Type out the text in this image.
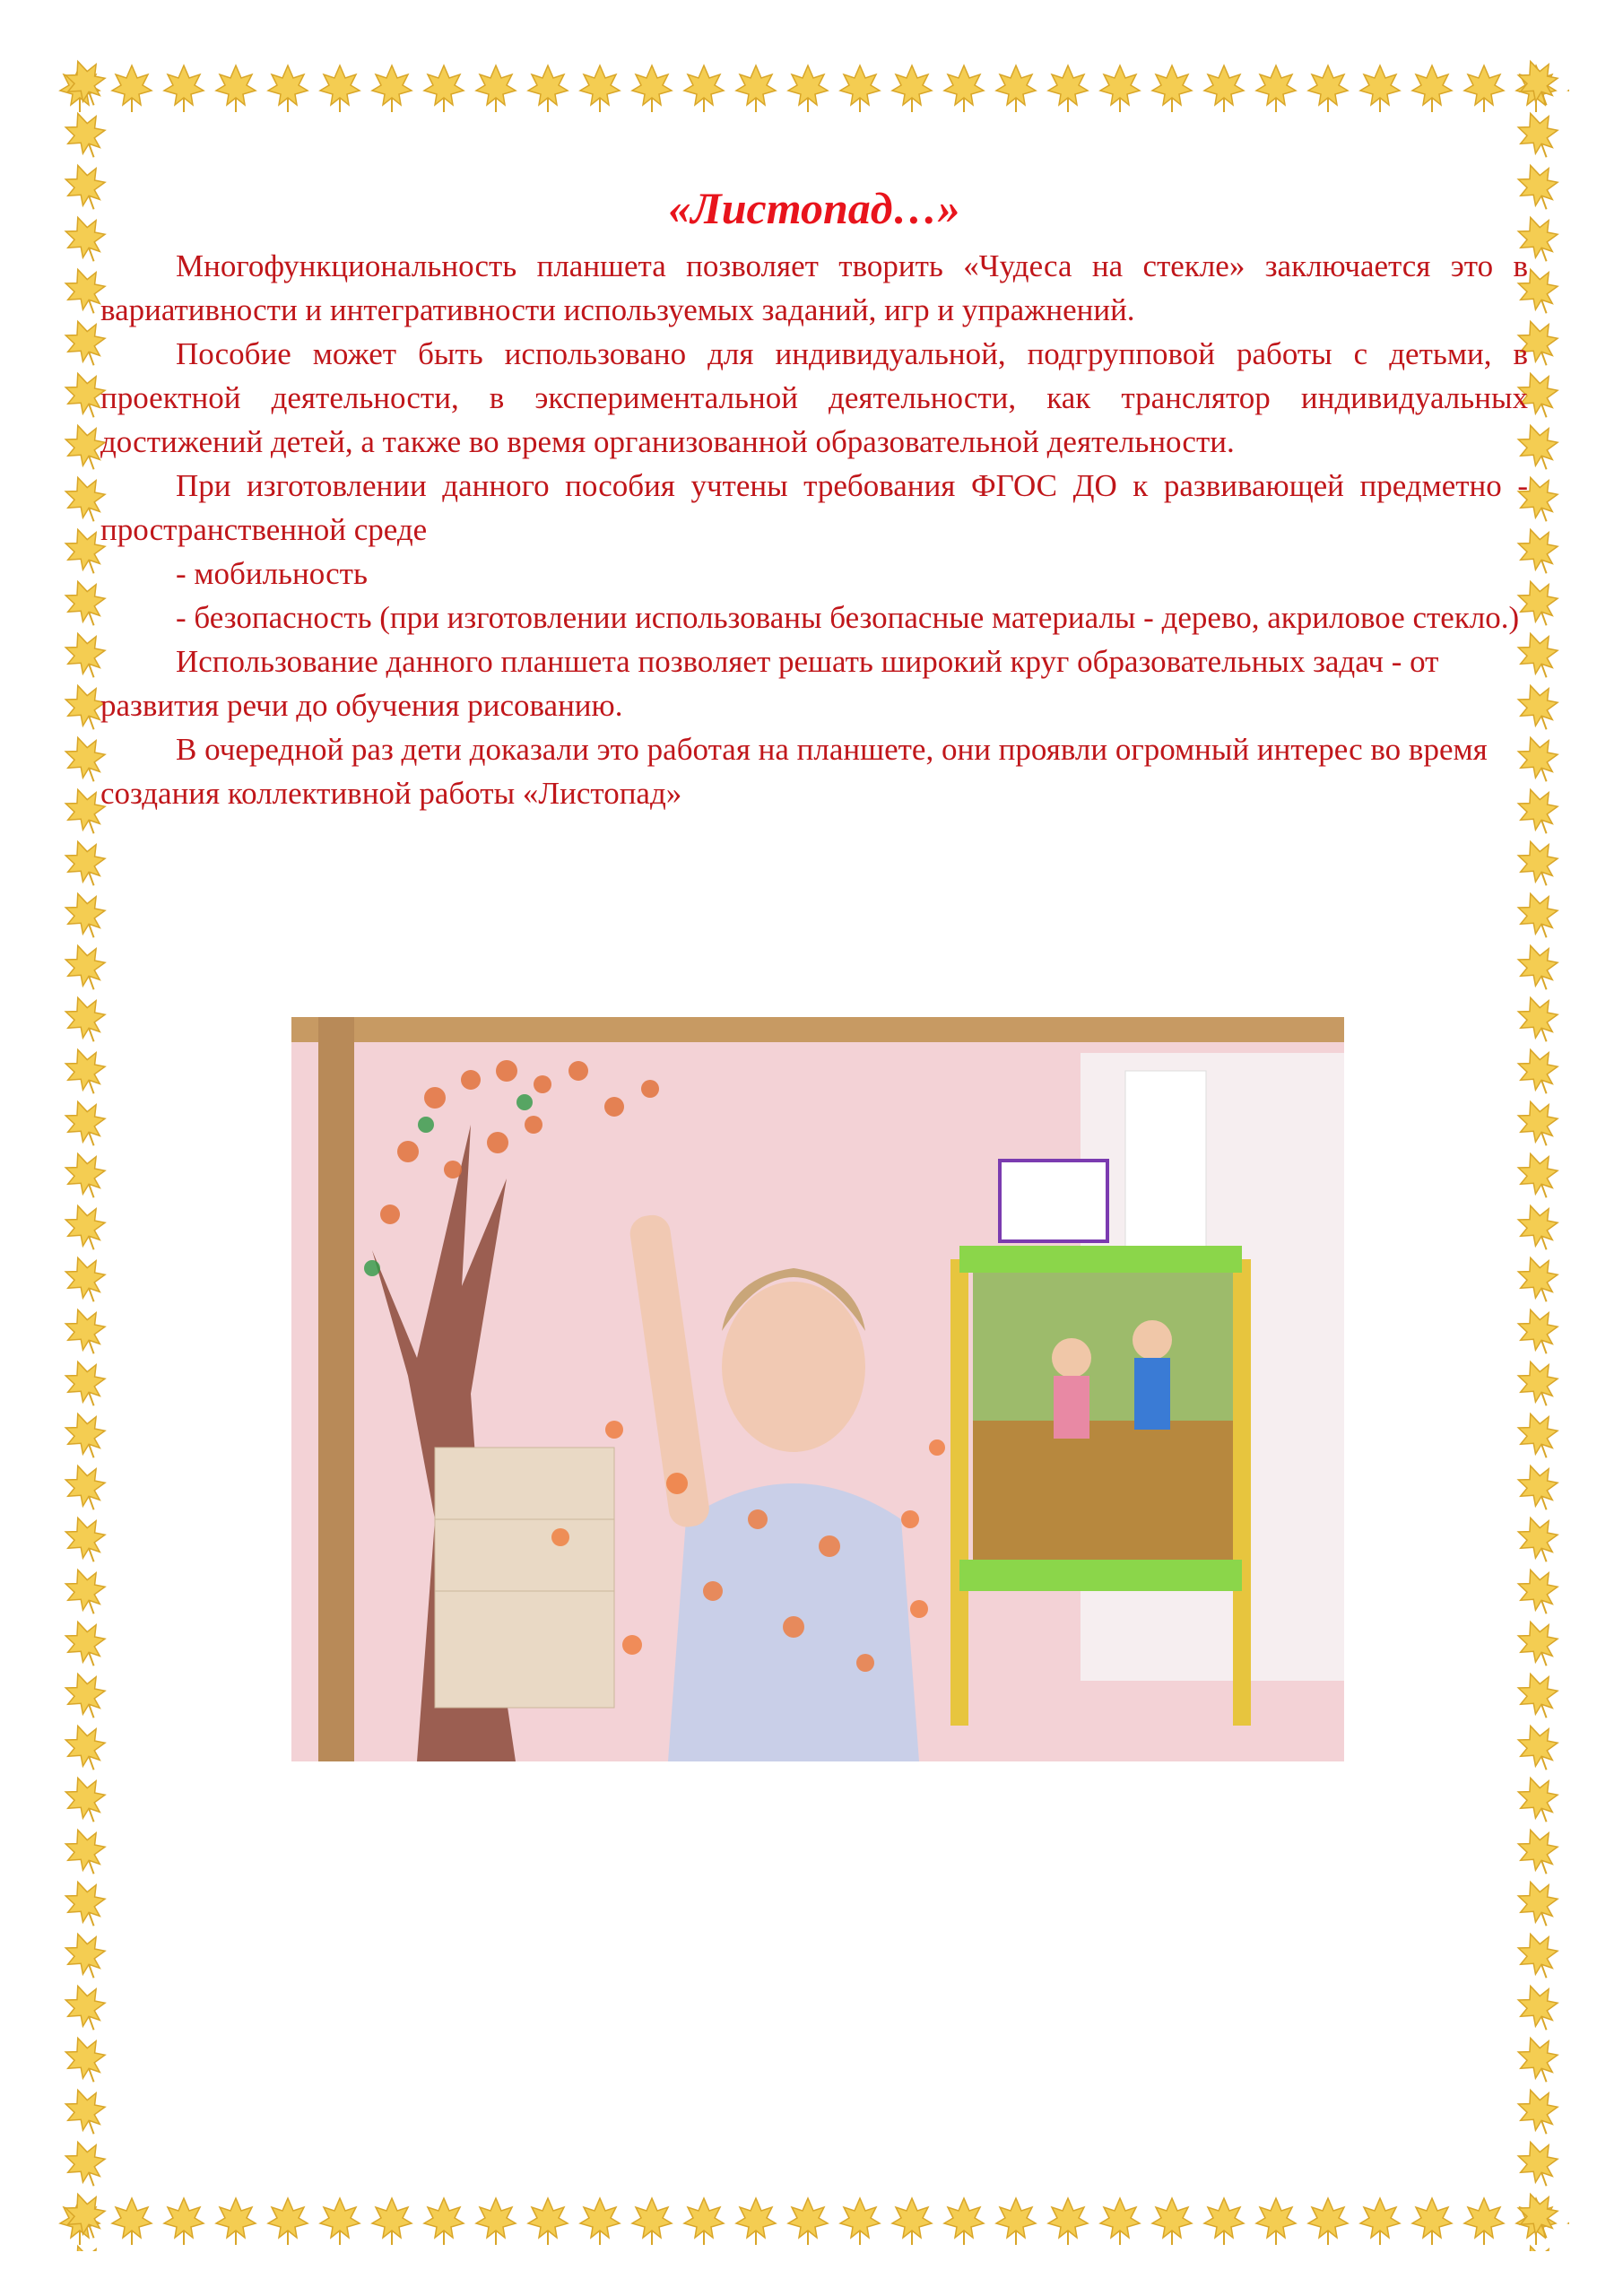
«Листопад…»

Многофункциональность планшета позволяет творить «Чудеса на стекле» заключается это в вариативности и интегративности используемых заданий, игр и упражнений.

Пособие может быть использовано для индивидуальной, подгрупповой работы с детьми, в проектной деятельности, в экспериментальной деятельности, как транслятор индивидуальных достижений детей, а также во время организованной образовательной деятельности.

При изготовлении данного пособия учтены требования ФГОС ДО к развивающей предметно - пространственной среде

- мобильность

- безопасность (при изготовлении использованы безопасные материалы - дерево, акриловое стекло.)

Использование данного планшета позволяет решать широкий круг образовательных задач - от развития речи до обучения рисованию.

В очередной раз дети доказали это работая на планшете, они проявли огромный интерес во время создания коллективной работы «Листопад»
